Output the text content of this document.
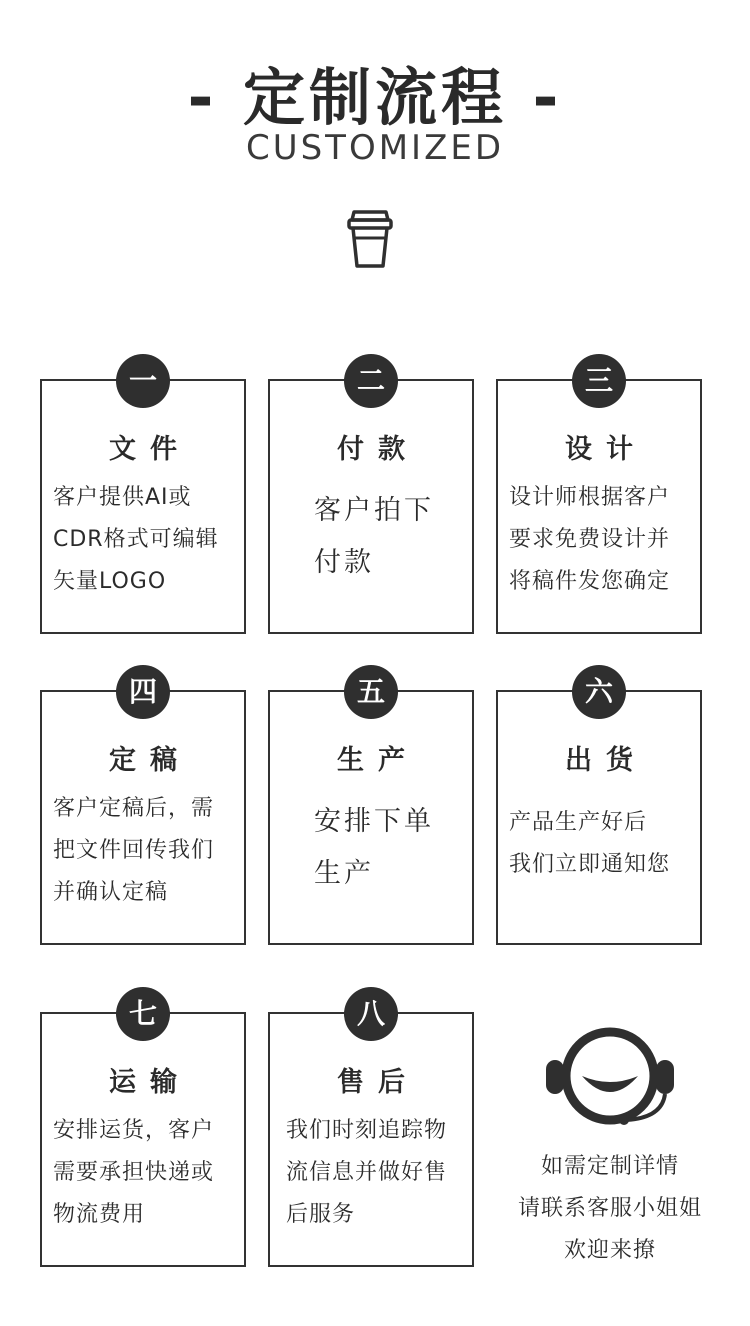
- 定制流程 -
CUSTOMIZED
一
文件
客户提供AI或
CDR格式可编辑
矢量LOGO
二
付款
客户拍下
付款
三
设计
设计师根据客户
要求免费设计并
将稿件发您确定
四
定稿
客户定稿后，需
把文件回传我们
并确认定稿
五
生产
安排下单
生产
六
出货
产品生产好后
我们立即通知您
七
运输
安排运货，客户
需要承担快递或
物流费用
八
售后
我们时刻追踪物
流信息并做好售
后服务
如需定制详情
请联系客服小姐姐
欢迎来撩
